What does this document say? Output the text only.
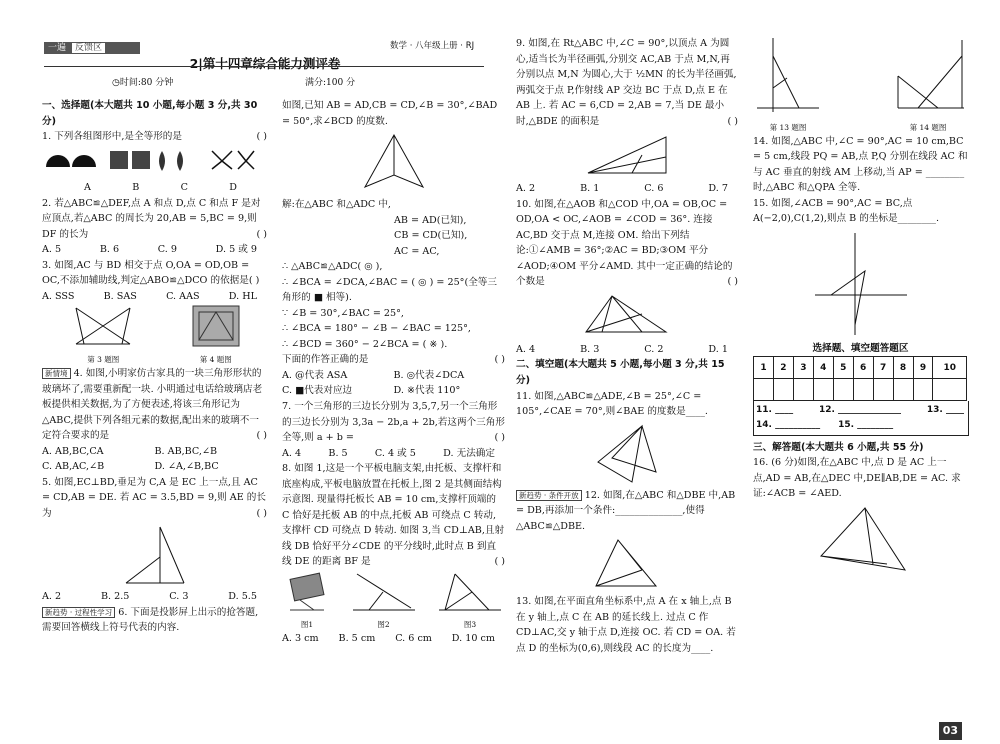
一遍 反馈区	数学 · 八年级上册 · RJ
2|第十四章综合能力测评卷
◷时间:80 分钟	满分:100 分
一、选择题(本大题共 10 小题,每小题 3 分,共 30 分)
1. 下列各组图形中,是全等形的是	( )

A	B	C	D
2. 若△ABC≌△DEF,点 A 和点 D,点 C 和点 F 是对应顶点,若△ABC 的周长为 20,AB = 5,BC = 9,则 DF 的长为	( )
A. 5	B. 6	C. 9	D. 5 或 9
3. 如图,AC 与 BD 相交于点 O,OA = OD,OB = OC,不添加辅助线,判定△ABO≌△DCO 的依据是( )
A. SSS	B. SAS	C. AAS	D. HL
第 3 题图	第 4 题图
新情境 4. 如图,小明家仿古家具的一块三角形形状的玻璃坏了,需要重新配一块. 小明通过电话给玻璃店老板提供相关数据,为了方便表述,将该三角形记为△ABC,提供下列各组元素的数据,配出来的玻璃不一定符合要求的是	( )
A. AB,BC,CA	B. AB,BC,∠B
C. AB,AC,∠B	D. ∠A,∠B,BC
5. 如图,EC⊥BD,垂足为 C,A 是 EC 上一点,且 AC = CD,AB = DE. 若 AC = 3.5,BD = 9,则 AE 的长为	( )
A. 2	B. 2.5	C. 3	D. 5.5
新趋势 · 过程性学习 6. 下面是投影屏上出示的抢答题,需要回答横线上符号代表的内容.
如图,已知 AB = AD,CB = CD,∠B = 30°,∠BAD = 50°,求∠BCD 的度数.
解:在△ABC 和△ADC 中,
AB = AD(已知),
CB = CD(已知),
AC = AC,
∴ △ABC≌△ADC( ◎ ),
∴ ∠BCA = ∠DCA,∠BAC = ( ◎ ) = 25°(全等三角形的 ■ 相等).
∵ ∠B = 30°,∠BAC = 25°,
∴ ∠BCA = 180° − ∠B − ∠BAC = 125°,
∴ ∠BCD = 360° − 2∠BCA = ( ※ ).
下面的作答正确的是	( )
A. @代表 ASA	B. ◎代表∠DCA
C. ■代表对应边	D. ※代表 110°
7. 一个三角形的三边长分别为 3,5,7,另一个三角形的三边长分别为 3,3a − 2b,a + 2b,若这两个三角形全等,则 a + b =	( )
A. 4	B. 5	C. 4 或 5	D. 无法确定
8. 如图 1,这是一个平板电脑支架,由托板、支撑杆和底座构成,平板电脑放置在托板上,图 2 是其侧面结构示意图. 现量得托板长 AB = 10 cm,支撑杆顶端的 C 恰好是托板 AB 的中点,托板 AB 可绕点 C 转动,支撑杆 CD 可绕点 D 转动. 如图 3,当 CD⊥AB,且射线 DB 恰好平分∠CDE 的平分线时,此时点 B 到直线 DE 的距离 BF 是	( )
图1	图2	图3
A. 3 cm B. 5 cm C. 6 cm D. 10 cm
9. 如图,在 Rt△ABC 中,∠C = 90°,以顶点 A 为圆心,适当长为半径画弧,分别交 AC,AB 于点 M,N,再分别以点 M,N 为圆心,大于 ½MN 的长为半径画弧,两弧交于点 P,作射线 AP 交边 BC 于点 D,点 E 在 AB 上. 若 AC = 6,CD = 2,AB = 7,当 DE 最小时,△BDE 的面积是	( )
A. 2	B. 1	C. 6	D. 7
10. 如图,在△AOB 和△COD 中,OA = OB,OC = OD,OA < OC,∠AOB = ∠COD = 36°. 连接 AC,BD 交于点 M,连接 OM. 给出下列结论:①∠AMB = 36°;②AC = BD;③OM 平分∠AOD;④OM 平分∠AMD. 其中一定正确的结论的个数是	( )
A. 4	B. 3	C. 2	D. 1
二、填空题(本大题共 5 小题,每小题 3 分,共 15 分)
11. 如图,△ABC≌△ADE,∠B = 25°,∠C = 105°,∠CAE = 70°,则∠BAE 的度数是____.
新趋势 · 条件开放 12. 如图,在△ABC 和△DBE 中,AB = DB,再添加一个条件:______________,使得△ABC≌△DBE.
13. 如图,在平面直角坐标系中,点 A 在 x 轴上,点 B 在 y 轴上,点 C 在 AB 的延长线上. 过点 C 作 CD⊥AC,交 y 轴于点 D,连接 OC. 若 CD = OA. 若点 D 的坐标为(0,6),则线段 AC 的长度为____.
第 13 题图	第 14 题图
14. 如图,△ABC 中,∠C = 90°,AC = 10 cm,BC = 5 cm,线段 PQ = AB,点 P,Q 分别在线段 AC 和与 AC 垂直的射线 AM 上移动,当 AP = ________时,△ABC 和△QPA 全等.
15. 如图,∠ACB = 90°,AC = BC,点 A(−2,0),C(1,2),则点 B 的坐标是________.
选择题、填空题答题区
1	2	3	4	5	6	7	8	9	10

11. ____	12. ______________	13. ____
14. __________ 15. ________
三、解答题(本大题共 6 小题,共 55 分)
16. (6 分)如图,在△ABC 中,点 D 是 AC 上一点,AD = AB,在△DEC 中,DE∥AB,DE = AC. 求证:∠ACB = ∠AED.
03
